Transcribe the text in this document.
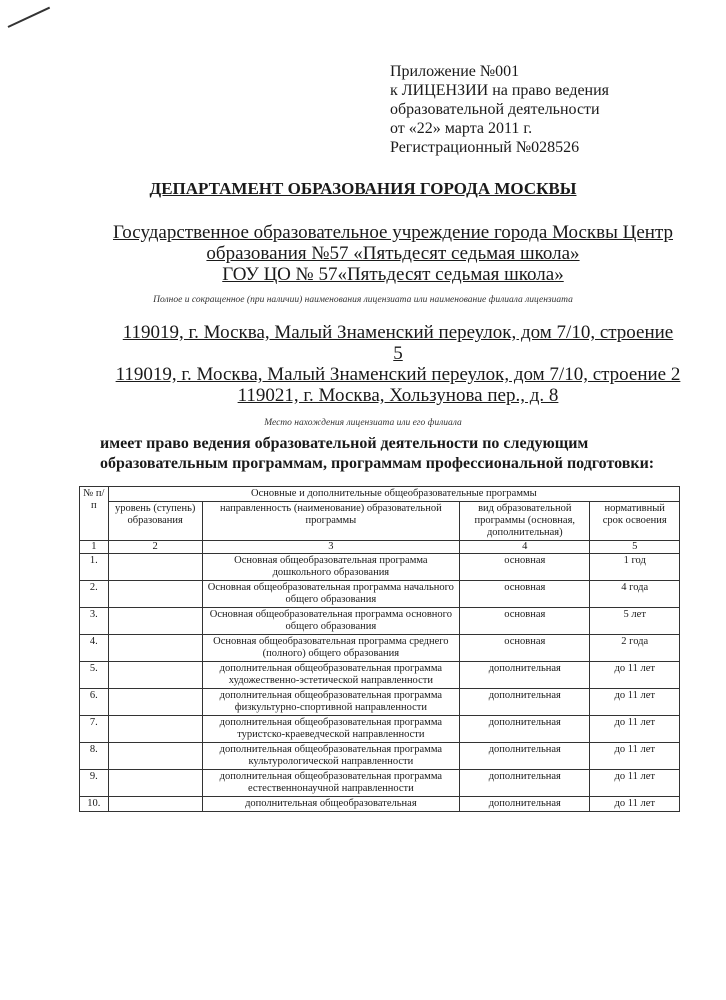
Приложение №001
к ЛИЦЕНЗИИ на право ведения
образовательной деятельности
от «22» марта 2011 г.
Регистрационный №028526
ДЕПАРТАМЕНТ ОБРАЗОВАНИЯ ГОРОДА МОСКВЫ
Государственное образовательное учреждение города Москвы Центр
образования №57 «Пятьдесят седьмая школа»
ГОУ ЦО № 57«Пятьдесят седьмая школа»
Полное и сокращенное (при наличии) наименования лицензиата или наименование филиала лицензиата
119019, г. Москва, Малый Знаменский переулок, дом 7/10, строение
5
119019, г. Москва, Малый Знаменский переулок, дом 7/10, строение 2
119021, г. Москва, Хользунова пер., д. 8
Место нахождения лицензиата или его филиала
имеет право ведения образовательной деятельности по следующим
образовательным программам, программам профессиональной подготовки:
№ п/п	Основные и дополнительные общеобразовательные программы			
	уровень (ступень) образования	направленность (наименование) образовательной программы	вид образовательной программы (основная, дополнительная)	нормативный срок освоения
1	2	3	4	5
1.		Основная общеобразовательная программа дошкольного образования	основная	1 год
2.		Основная общеобразовательная программа начального общего образования	основная	4 года
3.		Основная общеобразовательная программа основного общего образования	основная	5 лет
4.		Основная общеобразовательная программа среднего (полного) общего образования	основная	2 года
5.		дополнительная общеобразовательная программа художественно-эстетической направленности	дополнительная	до 11 лет
6.		дополнительная общеобразовательная программа физкультурно-спортивной направленности	дополнительная	до 11 лет
7.		дополнительная общеобразовательная программа туристско-краеведческой направленности	дополнительная	до 11 лет
8.		дополнительная общеобразовательная программа культурологической направленности	дополнительная	до 11 лет
9.		дополнительная общеобразовательная программа естественнонаучной направленности	дополнительная	до 11 лет
10.		дополнительная общеобразовательная	дополнительная	до 11 лет
